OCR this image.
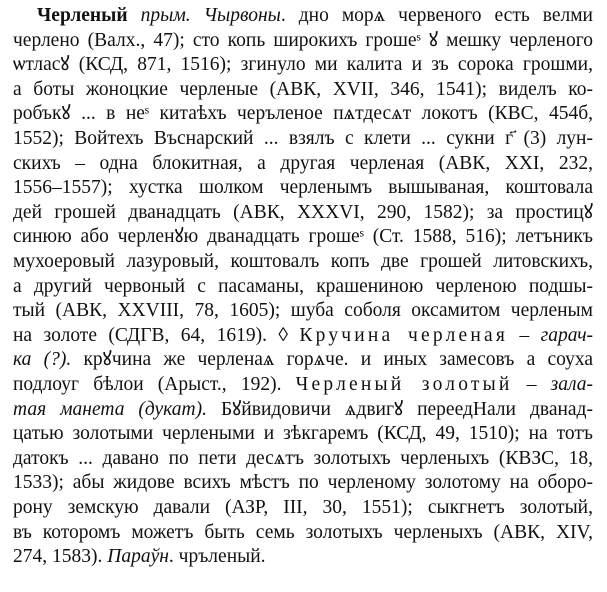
Черленый прым. Чырвоны. дно морѧ червеного есть велми
черлено (Валх., 47); сто копь широкихъ грошеˢ ꙋ мешку черленого
ѡтласꙋ (КСД, 871, 1516); згинуло ми калита и зъ сорока грошми,
а боты жоноцкие черленые (АВК, XVII, 346, 1541); виделъ ко-
робъкꙋ ... в неˢ китаѣхъ черъленое пѧтдесѧт локотъ (КВС, 454б,
1552); Войтехъ Въснарский ... взялъ с клети ... сукни г҃ (3) лун-
скихъ – одна блокитная, а другая черленая (АВК, XXI, 232,
1556–1557); хустка шолком черленымъ вышываная, коштовала
дей грошей дванадцать (АВК, XXXVI, 290, 1582); за простицꙋ
синюю або черленꙋю дванадцать грошеˢ (Ст. 1588, 516); летъникъ
мухоеровый лазуровый, коштовалъ копъ две грошей литовскихъ,
а другий червоный с пасаманы, крашениною черленою подшы-
тый (АВК, XXVIII, 78, 1605); шуба соболя оксамитом черленым
на золоте (СДГВ, 64, 1619). ◊ Кручина черленая – гарач-
ка (?). крꙋчина же черленаѧ горѧче. и иных замесовъ а соуха
подлоуг бѣлои (Арыст., 192). Черленый золотый – зала-
тая манета (дукат). Бꙋйвидовичи ѧдвигꙋ переедНали дванад-
цатью золотыми черлеными и зѣкгаремъ (КСД, 49, 1510); на тотъ
датокъ ... давано по пети десѧтъ золотыхъ черленыхъ (КВЗС, 18,
1533); абы жидове всихъ мѣстъ по черленому золотому на оборо-
рону земскую давали (АЗР, III, 30, 1551); сыкгнетъ золотый,
въ которомъ можетъ быть семь золотыхъ черленыхъ (АВК, XIV,
274, 1583). Параўн. чръленый.
